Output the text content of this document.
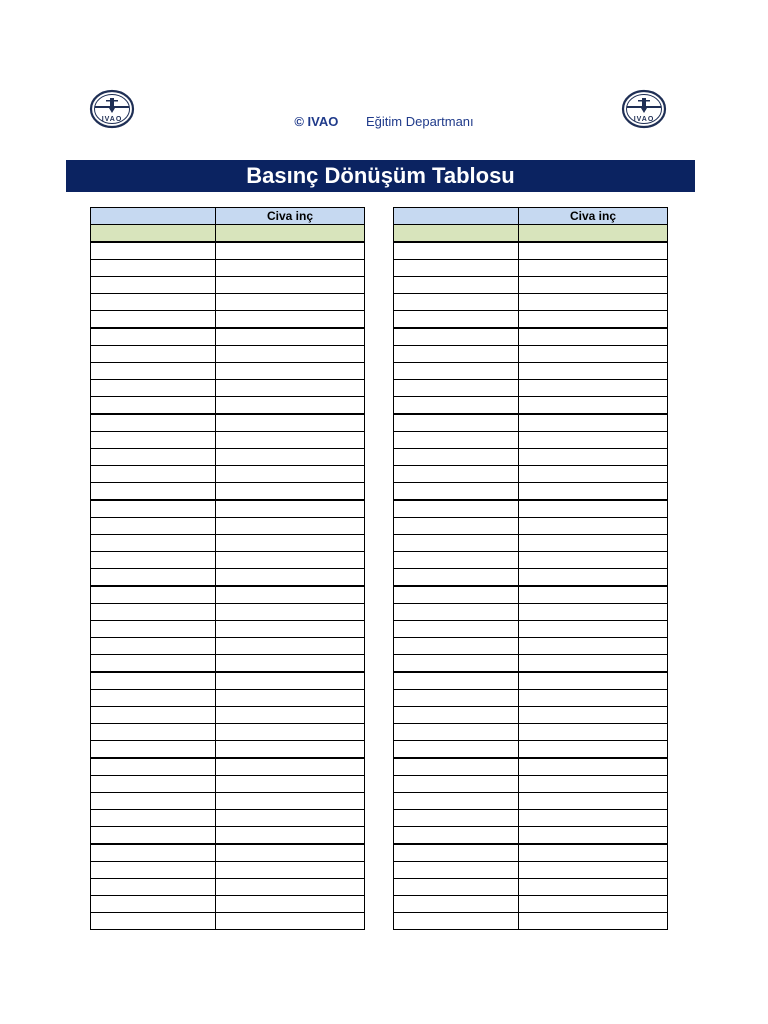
IVAO	© IVAO Eğitim Departmanı	IVAO
Basınç Dönüşüm Tablosu
	Civa inç

		Civa inç
